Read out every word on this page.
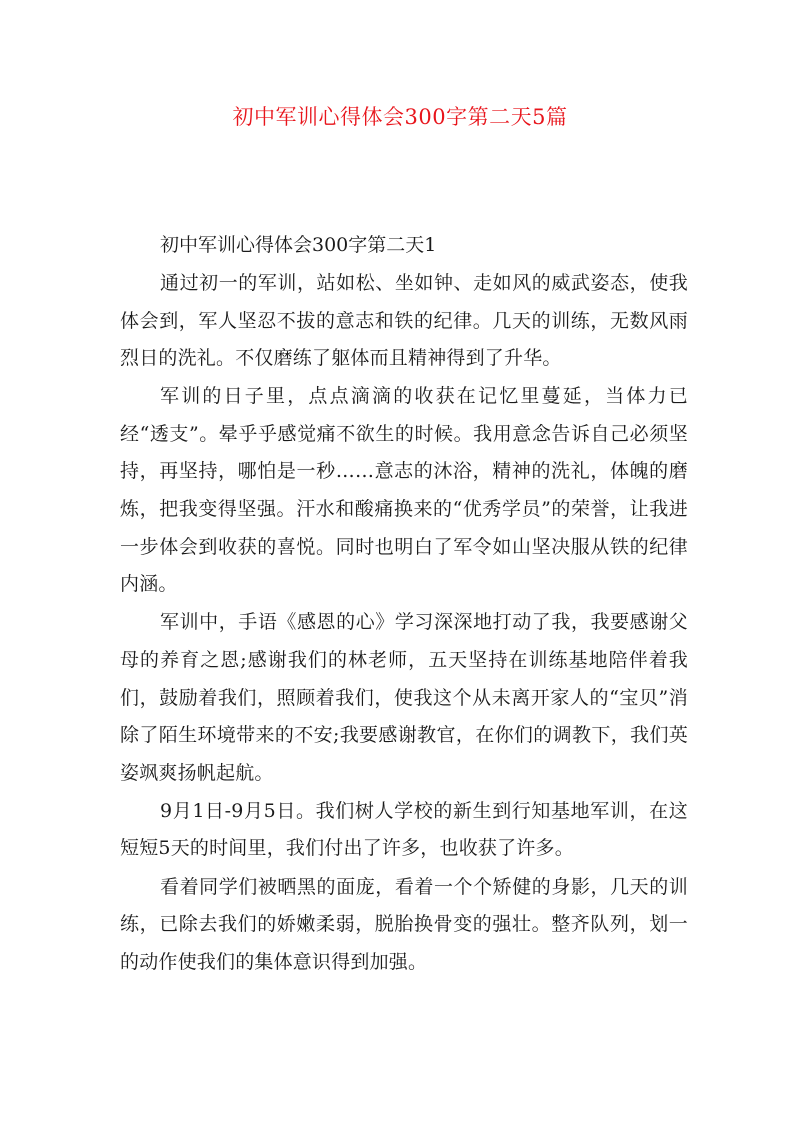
初中军训心得体会300字第二天5篇

初中军训心得体会300字第二天1

通过初一的军训，站如松、坐如钟、走如风的威武姿态，使我体会到，军人坚忍不拔的意志和铁的纪律。几天的训练，无数风雨烈日的洗礼。不仅磨练了躯体而且精神得到了升华。

军训的日子里，点点滴滴的收获在记忆里蔓延，当体力已经“透支”。晕乎乎感觉痛不欲生的时候。我用意念告诉自己必须坚持，再坚持，哪怕是一秒……意志的沐浴，精神的洗礼，体魄的磨炼，把我变得坚强。汗水和酸痛换来的“优秀学员”的荣誉，让我进一步体会到收获的喜悦。同时也明白了军令如山坚决服从铁的纪律内涵。

军训中，手语《感恩的心》学习深深地打动了我，我要感谢父母的养育之恩;感谢我们的林老师，五天坚持在训练基地陪伴着我们，鼓励着我们，照顾着我们，使我这个从未离开家人的“宝贝”消除了陌生环境带来的不安;我要感谢教官，在你们的调教下，我们英姿飒爽扬帆起航。

9月1日-9月5日。我们树人学校的新生到行知基地军训，在这短短5天的时间里，我们付出了许多，也收获了许多。

看着同学们被晒黑的面庞，看着一个个矫健的身影，几天的训练，已除去我们的娇嫩柔弱，脱胎换骨变的强壮。整齐队列，划一的动作使我们的集体意识得到加强。
